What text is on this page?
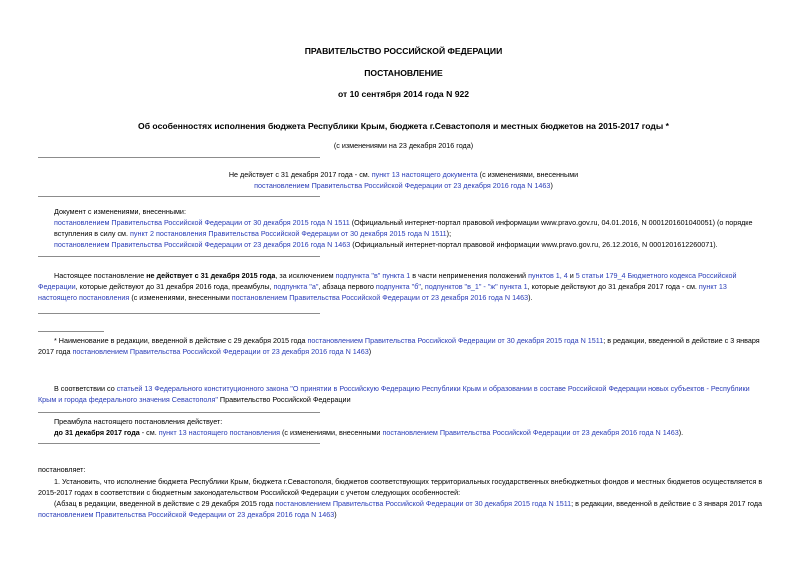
ПРАВИТЕЛЬСТВО РОССИЙСКОЙ ФЕДЕРАЦИИ
ПОСТАНОВЛЕНИЕ
от 10 сентября 2014 года N 922
Об особенностях исполнения бюджета Республики Крым, бюджета г.Севастополя и местных бюджетов на 2015-2017 годы *
(с изменениями на 23 декабря 2016 года)
Не действует с 31 декабря 2017 года - см. пункт 13 настоящего документа (с изменениями, внесенными
постановлением Правительства Российской Федерации от 23 декабря 2016 года N 1463)
Документ с изменениями, внесенными:
постановлением Правительства Российской Федерации от 30 декабря 2015 года N 1511 (Официальный интернет-портал правовой информации www.pravo.gov.ru, 04.01.2016, N 0001201601040051) (о порядке
вступления в силу см. пункт 2 постановления Правительства Российской Федерации от 30 декабря 2015 года N 1511);
постановлением Правительства Российской Федерации от 23 декабря 2016 года N 1463 (Официальный интернет-портал правовой информации www.pravo.gov.ru, 26.12.2016, N 0001201612260071).
Настоящее постановление не действует с 31 декабря 2015 года, за исключением подпункта "в" пункта 1 в части неприменения положений пунктов 1, 4 и 5 статьи 179_4 Бюджетного кодекса Российской
Федерации, которые действуют до 31 декабря 2016 года, преамбулы, подпункта "а", абзаца первого подпункта "б", подпунктов "в_1" - "ж" пункта 1, которые действуют до 31 декабря 2017 года - см. пункт 13
настоящего постановления (с изменениями, внесенными постановлением Правительства Российской Федерации от 23 декабря 2016 года N 1463).
* Наименование в редакции, введенной в действие с 29 декабря 2015 года постановлением Правительства Российской Федерации от 30 декабря 2015 года N 1511; в редакции, введенной в действие с 3 января
2017 года постановлением Правительства Российской Федерации от 23 декабря 2016 года N 1463)
В соответствии со статьей 13 Федерального конституционного закона "О принятии в Российскую Федерацию Республики Крым и образовании в составе Российской Федерации новых субъектов - Республики
Крым и города федерального значения Севастополя" Правительство Российской Федерации
Преамбула настоящего постановления действует:
до 31 декабря 2017 года - см. пункт 13 настоящего постановления (с изменениями, внесенными постановлением Правительства Российской Федерации от 23 декабря 2016 года N 1463).
постановляет:
1. Установить, что исполнение бюджета Республики Крым, бюджета г.Севастополя, бюджетов соответствующих территориальных государственных внебюджетных фондов и местных бюджетов осуществляется в
2015-2017 годах в соответствии с бюджетным законодательством Российской Федерации с учетом следующих особенностей:
(Абзац в редакции, введенной в действие с 29 декабря 2015 года постановлением Правительства Российской Федерации от 30 декабря 2015 года N 1511; в редакции, введенной в действие с 3 января 2017 года
постановлением Правительства Российской Федерации от 23 декабря 2016 года N 1463)
